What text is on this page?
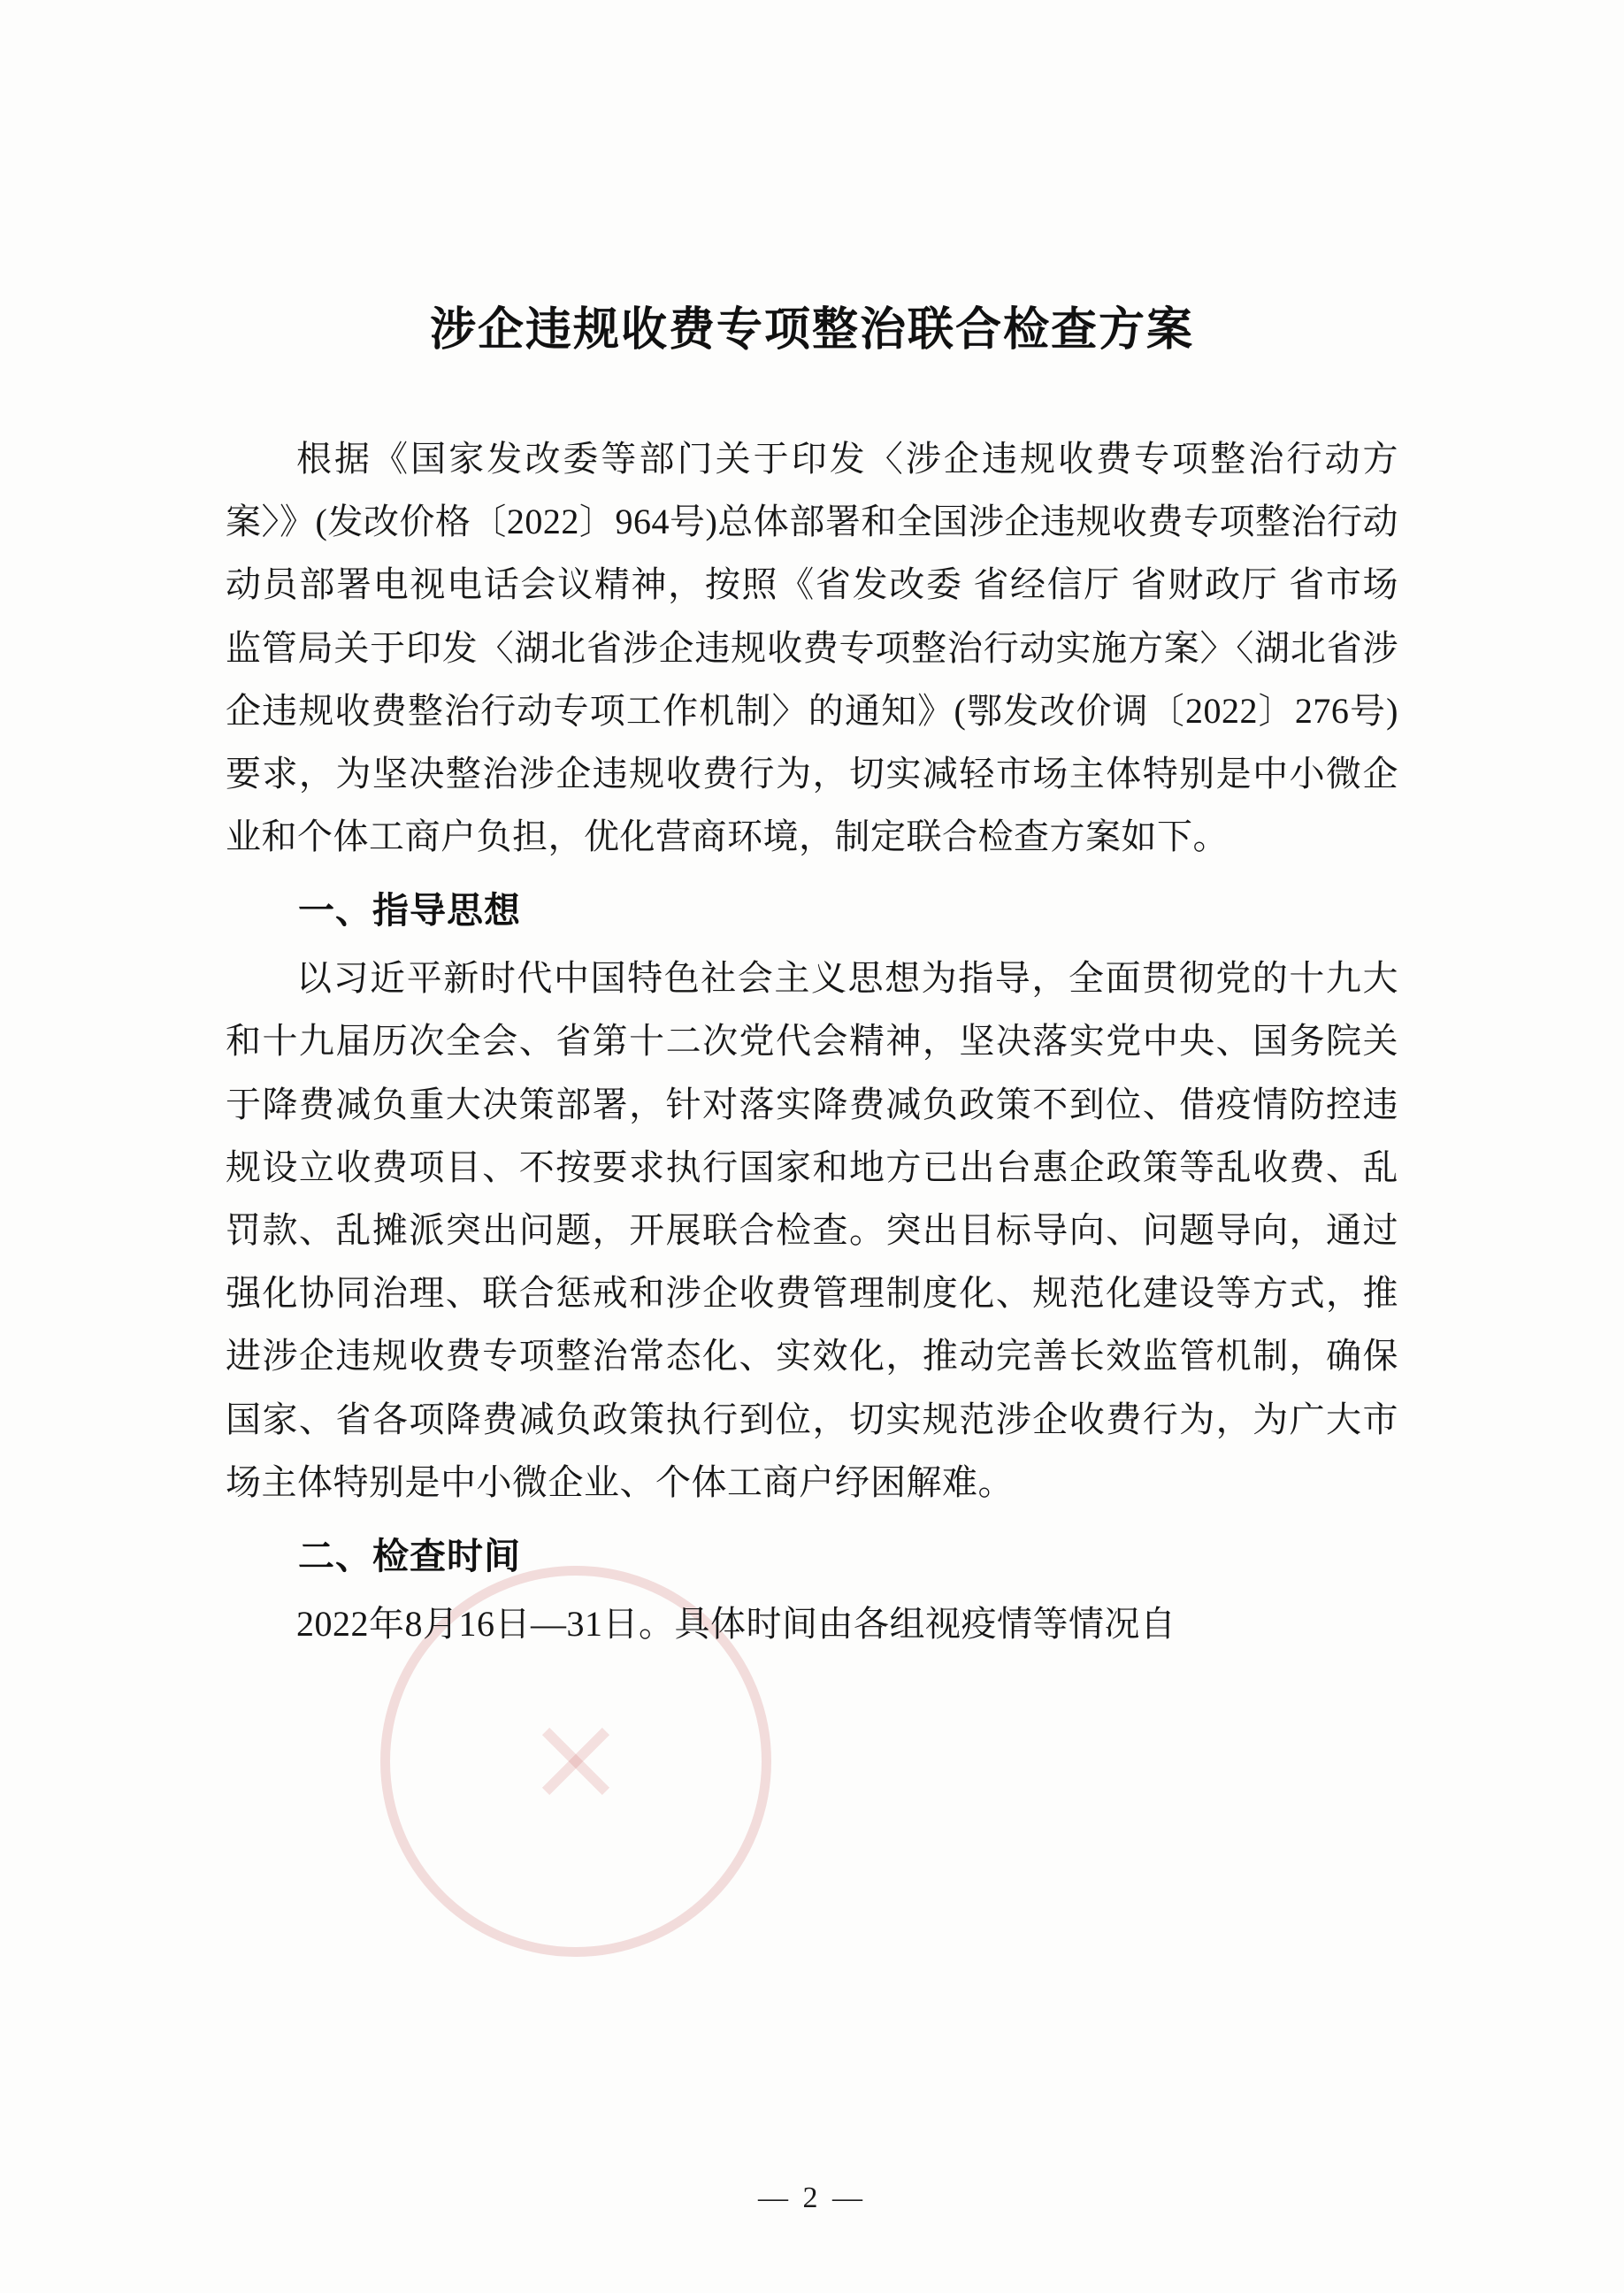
涉企违规收费专项整治联合检查方案

根据《国家发改委等部门关于印发〈涉企违规收费专项整治行动方案〉》(发改价格〔2022〕964号)总体部署和全国涉企违规收费专项整治行动动员部署电视电话会议精神，按照《省发改委 省经信厅 省财政厅 省市场监管局关于印发〈湖北省涉企违规收费专项整治行动实施方案〉〈湖北省涉企违规收费整治行动专项工作机制〉的通知》(鄂发改价调〔2022〕276号)要求，为坚决整治涉企违规收费行为，切实减轻市场主体特别是中小微企业和个体工商户负担，优化营商环境，制定联合检查方案如下。

一、指导思想

以习近平新时代中国特色社会主义思想为指导，全面贯彻党的十九大和十九届历次全会、省第十二次党代会精神，坚决落实党中央、国务院关于降费减负重大决策部署，针对落实降费减负政策不到位、借疫情防控违规设立收费项目、不按要求执行国家和地方已出台惠企政策等乱收费、乱罚款、乱摊派突出问题，开展联合检查。突出目标导向、问题导向，通过强化协同治理、联合惩戒和涉企收费管理制度化、规范化建设等方式，推进涉企违规收费专项整治常态化、实效化，推动完善长效监管机制，确保国家、省各项降费减负政策执行到位，切实规范涉企收费行为，为广大市场主体特别是中小微企业、个体工商户纾困解难。

二、检查时间

2022年8月16日—31日。具体时间由各组视疫情等情况自

— 2 —
